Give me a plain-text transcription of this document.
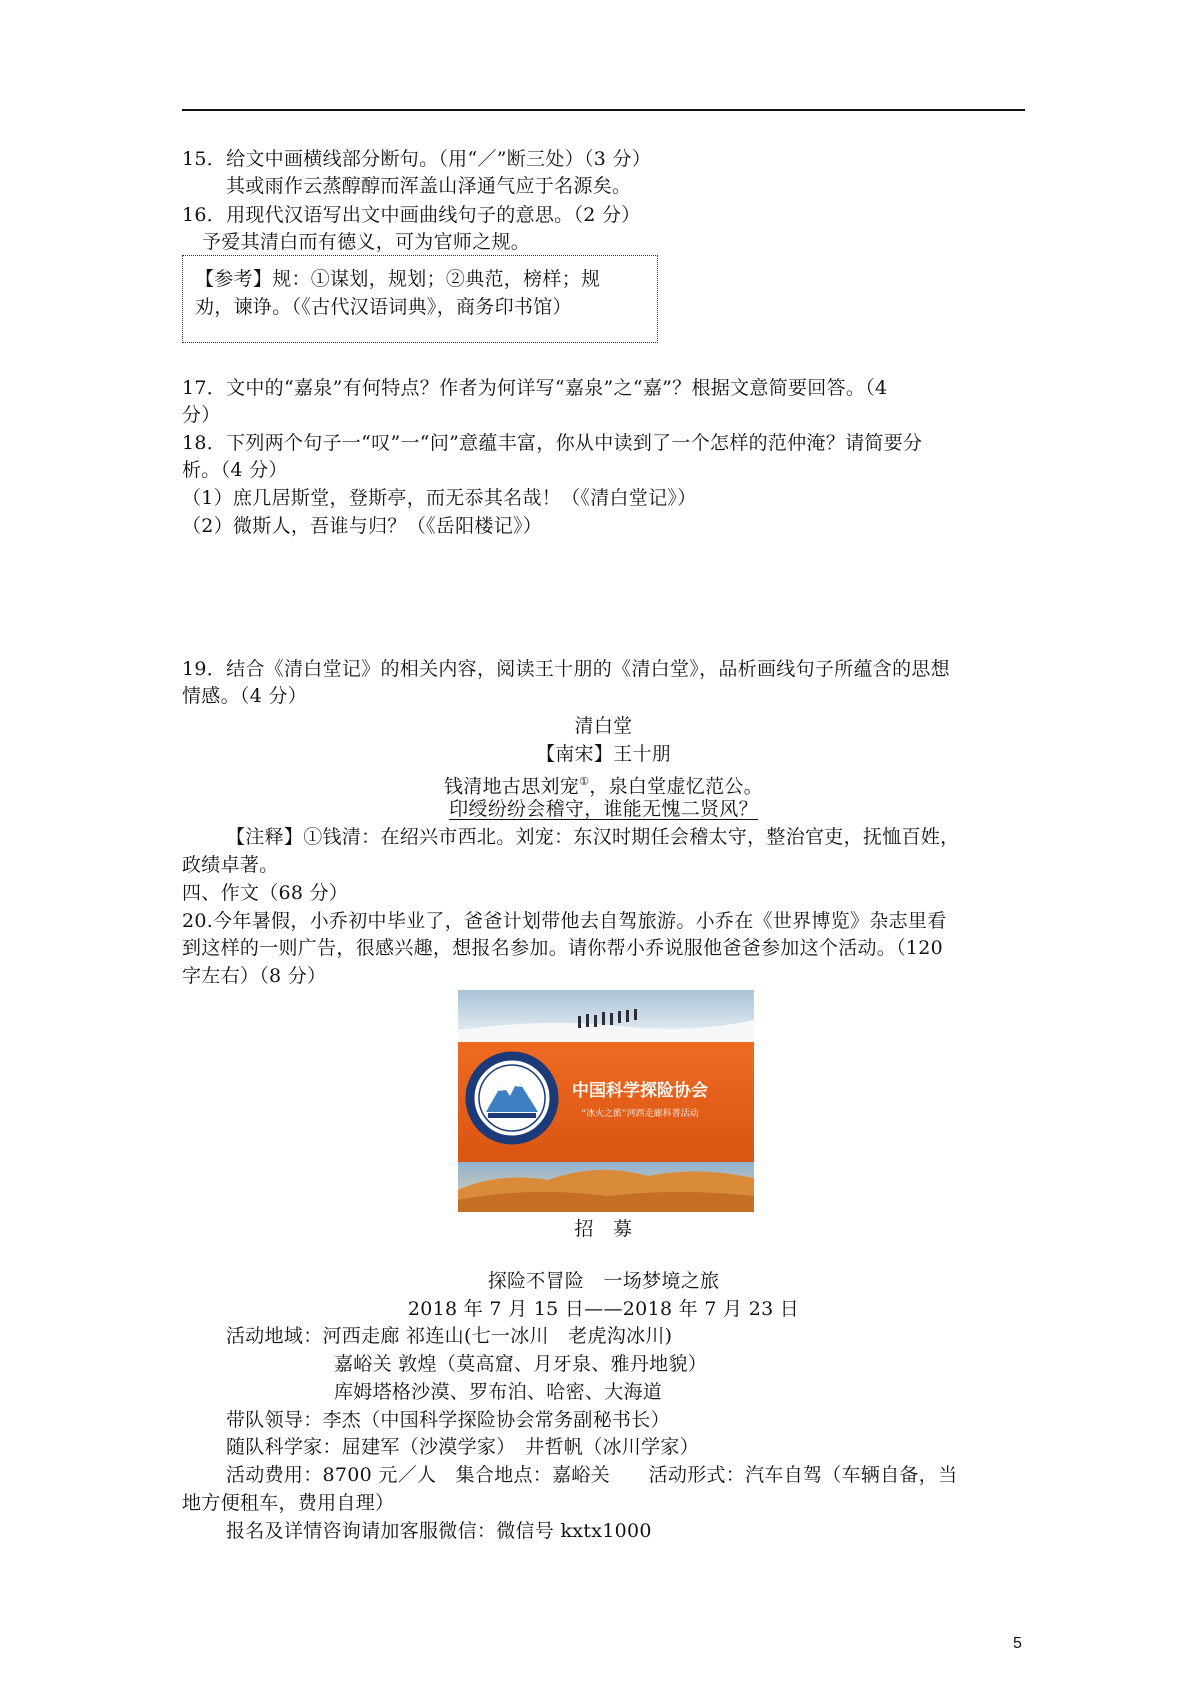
15．给文中画横线部分断句。（用“／”断三处）（3 分）
其或雨作云蒸醇醇而浑盖山泽通气应于名源矣。
16．用现代汉语写出文中画曲线句子的意思。（2 分）
予爱其清白而有德义，可为官师之规。
【参考】规：①谋划，规划；②典范，榜样；规
劝，谏诤。（《古代汉语词典》，商务印书馆）
17．文中的“嘉泉”有何特点？作者为何详写“嘉泉”之“嘉”？根据文意简要回答。（4
分）
18．下列两个句子一“叹”一“问”意蕴丰富，你从中读到了一个怎样的范仲淹？请简要分
析。（4 分）
（1）庶几居斯堂，登斯亭，而无忝其名哉！（《清白堂记》）
（2）微斯人，吾谁与归？（《岳阳楼记》）
19．结合《清白堂记》的相关内容，阅读王十朋的《清白堂》，品析画线句子所蕴含的思想
情感。（4 分）
清白堂
【南宋】王十朋
钱清地古思刘宠①，泉白堂虚忆范公。
印绶纷纷会稽守，谁能无愧二贤风？
【注释】①钱清：在绍兴市西北。刘宠：东汉时期任会稽太守，整治官吏，抚恤百姓，
政绩卓著。
四、作文（68 分）
20.今年暑假，小乔初中毕业了，爸爸计划带他去自驾旅游。小乔在《世界博览》杂志里看
到这样的一则广告，很感兴趣，想报名参加。请你帮小乔说服他爸爸参加这个活动。（120
字左右）（8 分）
中国科学探险协会
“冰火之旅”河西走廊科普活动
招　募
探险不冒险　一场梦境之旅
2018 年 7 月 15 日——2018 年 7 月 23 日
活动地域：河西走廊 祁连山(七一冰川　老虎沟冰川)
嘉峪关 敦煌（莫高窟、月牙泉、雅丹地貌）
库姆塔格沙漠、罗布泊、哈密、大海道
带队领导：李杰（中国科学探险协会常务副秘书长）
随队科学家：屈建军（沙漠学家）　井哲帆（冰川学家）
活动费用：8700 元／人　集合地点：嘉峪关　　活动形式：汽车自驾（车辆自备，当
地方便租车，费用自理）
报名及详情咨询请加客服微信：微信号 kxtx1000
5
